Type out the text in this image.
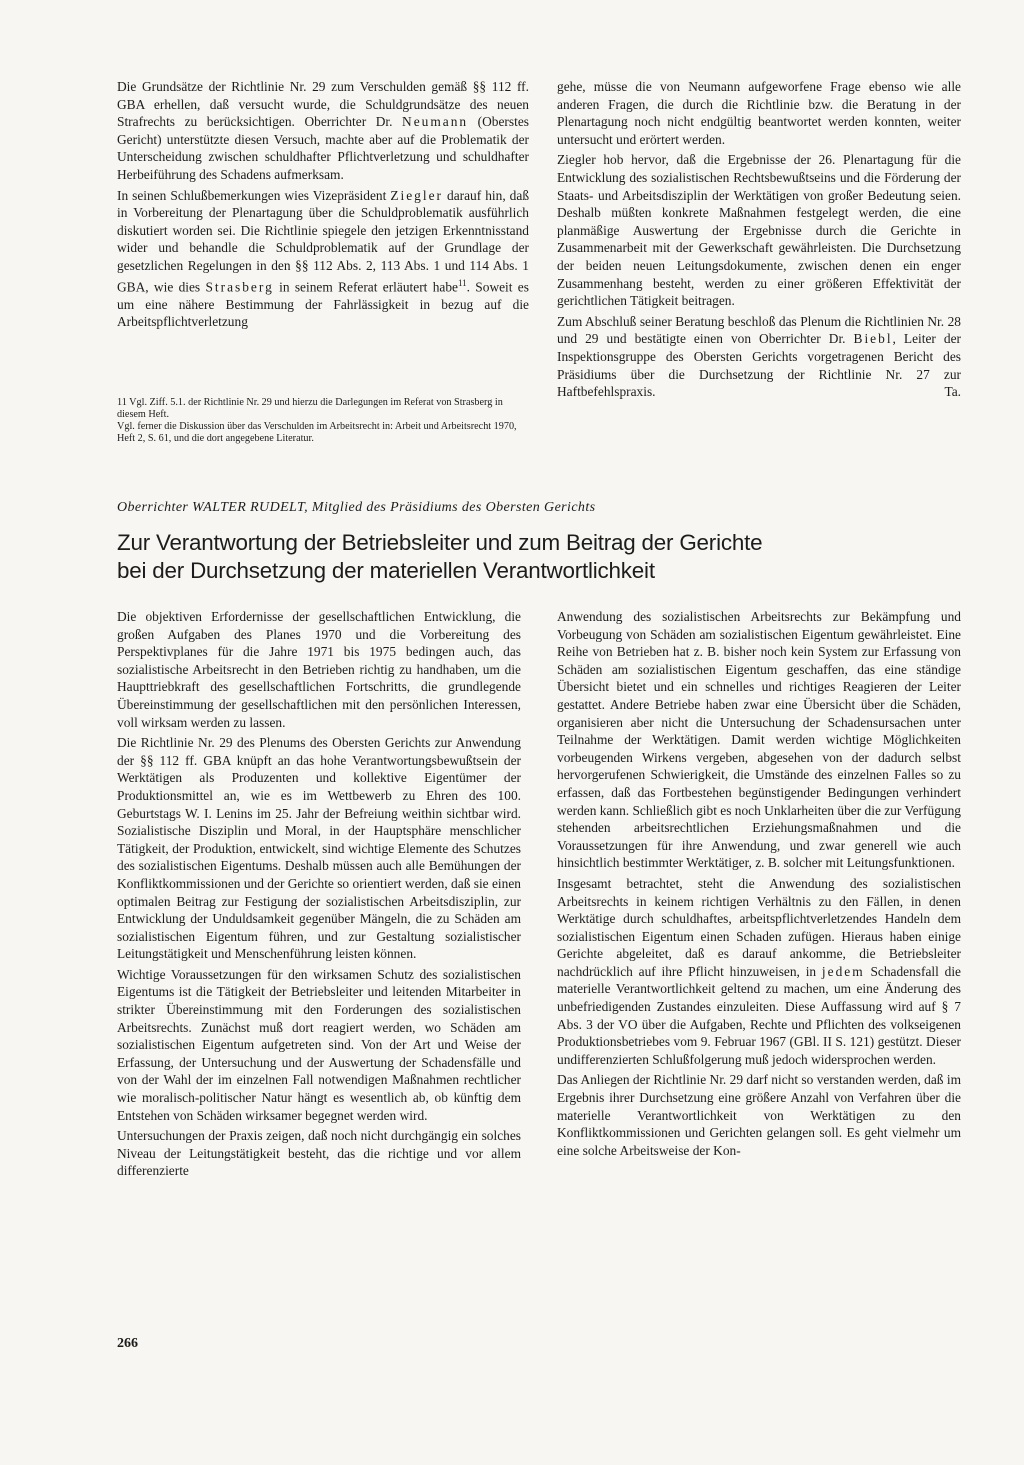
Die Grundsätze der Richtlinie Nr. 29 zum Verschulden gemäß §§ 112 ff. GBA erhellen, daß versucht wurde, die Schuldgrundsätze des neuen Strafrechts zu berücksichtigen. Oberrichter Dr. Neumann (Oberstes Gericht) unterstützte diesen Versuch, machte aber auf die Problematik der Unterscheidung zwischen schuldhafter Pflichtverletzung und schuldhafter Herbeiführung des Schadens aufmerksam.

In seinen Schlußbemerkungen wies Vizepräsident Ziegler darauf hin, daß in Vorbereitung der Plenartagung über die Schuldproblematik ausführlich diskutiert worden sei. Die Richtlinie spiegele den jetzigen Erkenntnisstand wider und behandle die Schuldproblematik auf der Grundlage der gesetzlichen Regelungen in den §§ 112 Abs. 2, 113 Abs. 1 und 114 Abs. 1 GBA, wie dies Strasberg in seinem Referat erläutert habe$^{11}$. Soweit es um eine nähere Bestimmung der Fahrlässigkeit in bezug auf die Arbeitspflichtverletzung

11 Vgl. Ziff. 5.1. der Richtlinie Nr. 29 und hierzu die Darlegungen im Referat von Strasberg in diesem Heft.

Vgl. ferner die Diskussion über das Verschulden im Arbeitsrecht in: Arbeit und Arbeitsrecht 1970, Heft 2, S. 61, und die dort angegebene Literatur.

gehe, müsse die von Neumann aufgeworfene Frage ebenso wie alle anderen Fragen, die durch die Richtlinie bzw. die Beratung in der Plenartagung noch nicht endgültig beantwortet werden konnten, weiter untersucht und erörtert werden.

Ziegler hob hervor, daß die Ergebnisse der 26. Plenartagung für die Entwicklung des sozialistischen Rechtsbewußtseins und die Förderung der Staats- und Arbeitsdisziplin der Werktätigen von großer Bedeutung seien. Deshalb müßten konkrete Maßnahmen festgelegt werden, die eine planmäßige Auswertung der Ergebnisse durch die Gerichte in Zusammenarbeit mit der Gewerkschaft gewährleisten. Die Durchsetzung der beiden neuen Leitungsdokumente, zwischen denen ein enger Zusammenhang besteht, werden zu einer größeren Effektivität der gerichtlichen Tätigkeit beitragen.

Zum Abschluß seiner Beratung beschloß das Plenum die Richtlinien Nr. 28 und 29 und bestätigte einen von Oberrichter Dr. Biebl, Leiter der Inspektionsgruppe des Obersten Gerichts vorgetragenen Bericht des Präsidiums über die Durchsetzung der Richtlinie Nr. 27 zur Haftbefehlspraxis.	Ta.

Oberrichter WALTER RUDELT, Mitglied des Präsidiums des Obersten Gerichts
Zur Verantwortung der Betriebsleiter und zum Beitrag der Gerichte
bei der Durchsetzung der materiellen Verantwortlichkeit

Die objektiven Erfordernisse der gesellschaftlichen Entwicklung, die großen Aufgaben des Planes 1970 und die Vorbereitung des Perspektivplanes für die Jahre 1971 bis 1975 bedingen auch, das sozialistische Arbeitsrecht in den Betrieben richtig zu handhaben, um die Haupttriebkraft des gesellschaftlichen Fortschritts, die grundlegende Übereinstimmung der gesellschaftlichen mit den persönlichen Interessen, voll wirksam werden zu lassen.

Die Richtlinie Nr. 29 des Plenums des Obersten Gerichts zur Anwendung der §§ 112 ff. GBA knüpft an das hohe Verantwortungsbewußtsein der Werktätigen als Produzenten und kollektive Eigentümer der Produktionsmittel an, wie es im Wettbewerb zu Ehren des 100. Geburtstags W. I. Lenins im 25. Jahr der Befreiung weithin sichtbar wird. Sozialistische Disziplin und Moral, in der Hauptsphäre menschlicher Tätigkeit, der Produktion, entwickelt, sind wichtige Elemente des Schutzes des sozialistischen Eigentums. Deshalb müssen auch alle Bemühungen der Konfliktkommissionen und der Gerichte so orientiert werden, daß sie einen optimalen Beitrag zur Festigung der sozialistischen Arbeitsdisziplin, zur Entwicklung der Unduldsamkeit gegenüber Mängeln, die zu Schäden am sozialistischen Eigentum führen, und zur Gestaltung sozialistischer Leitungstätigkeit und Menschenführung leisten können.

Wichtige Voraussetzungen für den wirksamen Schutz des sozialistischen Eigentums ist die Tätigkeit der Betriebsleiter und leitenden Mitarbeiter in strikter Übereinstimmung mit den Forderungen des sozialistischen Arbeitsrechts. Zunächst muß dort reagiert werden, wo Schäden am sozialistischen Eigentum aufgetreten sind. Von der Art und Weise der Erfassung, der Untersuchung und der Auswertung der Schadensfälle und von der Wahl der im einzelnen Fall notwendigen Maßnahmen rechtlicher wie moralisch-politischer Natur hängt es wesentlich ab, ob künftig dem Entstehen von Schäden wirksamer begegnet werden wird.

Untersuchungen der Praxis zeigen, daß noch nicht durchgängig ein solches Niveau der Leitungstätigkeit besteht, das die richtige und vor allem differenzierte

Anwendung des sozialistischen Arbeitsrechts zur Bekämpfung und Vorbeugung von Schäden am sozialistischen Eigentum gewährleistet. Eine Reihe von Betrieben hat z. B. bisher noch kein System zur Erfassung von Schäden am sozialistischen Eigentum geschaffen, das eine ständige Übersicht bietet und ein schnelles und richtiges Reagieren der Leiter gestattet. Andere Betriebe haben zwar eine Übersicht über die Schäden, organisieren aber nicht die Untersuchung der Schadensursachen unter Teilnahme der Werktätigen. Damit werden wichtige Möglichkeiten vorbeugenden Wirkens vergeben, abgesehen von der dadurch selbst hervorgerufenen Schwierigkeit, die Umstände des einzelnen Falles so zu erfassen, daß das Fortbestehen begünstigender Bedingungen verhindert werden kann. Schließlich gibt es noch Unklarheiten über die zur Verfügung stehenden arbeitsrechtlichen Erziehungsmaßnahmen und die Voraussetzungen für ihre Anwendung, und zwar generell wie auch hinsichtlich bestimmter Werktätiger, z. B. solcher mit Leitungsfunktionen.

Insgesamt betrachtet, steht die Anwendung des sozialistischen Arbeitsrechts in keinem richtigen Verhältnis zu den Fällen, in denen Werktätige durch schuldhaftes, arbeitspflichtverletzendes Handeln dem sozialistischen Eigentum einen Schaden zufügen. Hieraus haben einige Gerichte abgeleitet, daß es darauf ankomme, die Betriebsleiter nachdrücklich auf ihre Pflicht hinzuweisen, in jedem Schadensfall die materielle Verantwortlichkeit geltend zu machen, um eine Änderung des unbefriedigenden Zustandes einzuleiten. Diese Auffassung wird auf § 7 Abs. 3 der VO über die Aufgaben, Rechte und Pflichten des volkseigenen Produktionsbetriebes vom 9. Februar 1967 (GBl. II S. 121) gestützt. Dieser undifferenzierten Schlußfolgerung muß jedoch widersprochen werden.

Das Anliegen der Richtlinie Nr. 29 darf nicht so verstanden werden, daß im Ergebnis ihrer Durchsetzung eine größere Anzahl von Verfahren über die materielle Verantwortlichkeit von Werktätigen zu den Konfliktkommissionen und Gerichten gelangen soll. Es geht vielmehr um eine solche Arbeitsweise der Kon-

266
